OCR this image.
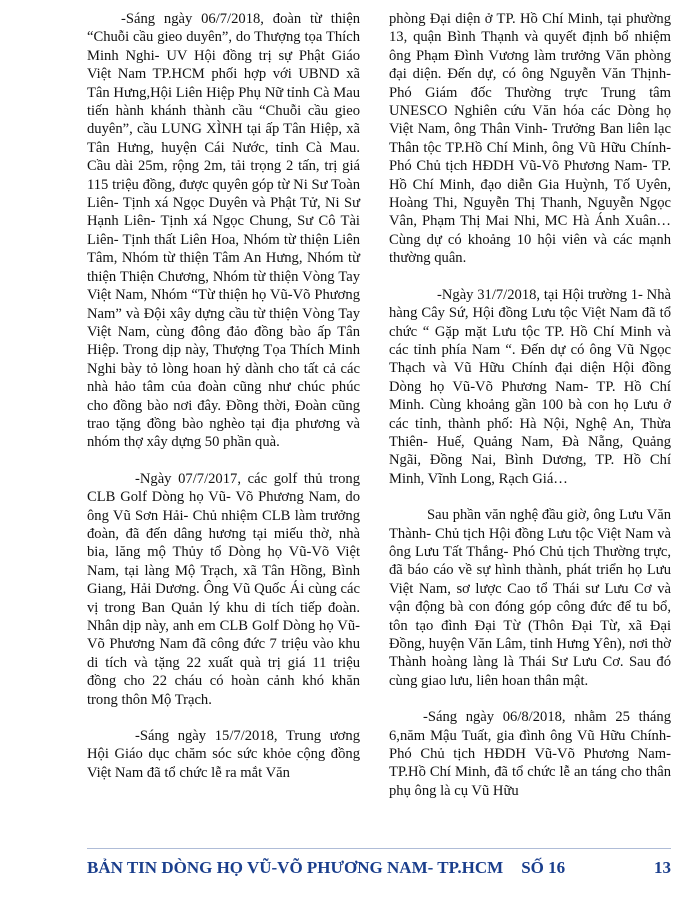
-Sáng ngày 06/7/2018, đoàn từ thiện “Chuỗi cầu gieo duyên”, do Thượng tọa Thích Minh Nghi- UV Hội đồng trị sự Phật Giáo Việt Nam TP.HCM phối hợp với UBND xã Tân Hưng,Hội Liên Hiệp Phụ Nữ tỉnh Cà Mau tiến hành khánh thành cầu “Chuỗi cầu gieo duyên”, cầu LUNG XÌNH tại ấp Tân Hiệp, xã Tân Hưng, huyện Cái Nước, tỉnh Cà Mau. Cầu dài 25m, rộng 2m, tải trọng 2 tấn, trị giá 115 triệu đồng, được quyên góp từ Ni Sư Toàn Liên- Tịnh xá Ngọc Duyên và Phật Tử, Ni Sư Hạnh Liên- Tịnh xá Ngọc Chung, Sư Cô Tài Liên- Tịnh thất Liên Hoa, Nhóm từ thiện Liên Tâm, Nhóm từ thiện Tâm An Hưng, Nhóm từ thiện Thiện Chương, Nhóm từ thiện Vòng Tay Việt Nam, Nhóm “Từ thiện họ Vũ-Võ Phương Nam” và Đội xây dựng cầu từ thiện Vòng Tay Việt Nam, cùng đông đảo đồng bào ấp Tân Hiệp. Trong dịp này, Thượng Tọa Thích Minh Nghi bày tỏ lòng hoan hỷ dành cho tất cả các nhà hảo tâm của đoàn cũng như chúc phúc cho đồng bào nơi đây. Đồng thời, Đoàn cũng trao tặng đồng bào nghèo tại địa phương và nhóm thợ xây dựng 50 phần quà.

-Ngày 07/7/2017, các golf thủ trong CLB Golf Dòng họ Vũ- Võ Phương Nam, do ông Vũ Sơn Hải- Chủ nhiệm CLB làm trưởng đoàn, đã đến dâng hương tại miếu thờ, nhà bia, lăng mộ Thủy tổ Dòng họ Vũ-Võ Việt Nam, tại làng Mộ Trạch, xã Tân Hồng, Bình Giang, Hải Dương. Ông Vũ Quốc Ái cùng các vị trong Ban Quản lý khu di tích tiếp đoàn. Nhân dịp này, anh em CLB Golf Dòng họ Vũ-Võ Phương Nam đã công đức 7 triệu vào khu di tích và tặng 22 xuất quà trị giá 11 triệu đồng cho 22 cháu có hoàn cảnh khó khăn trong thôn Mộ Trạch.

-Sáng ngày 15/7/2018, Trung ương Hội Giáo dục chăm sóc sức khỏe cộng đồng Việt Nam đã tổ chức lễ ra mắt Văn

phòng Đại diện ở TP. Hồ Chí Minh, tại phường 13, quận Bình Thạnh và quyết định bổ nhiệm ông Phạm Đình Vương làm trưởng Văn phòng đại diện. Đến dự, có ông Nguyễn Văn Thịnh- Phó Giám đốc Thường trực Trung tâm UNESCO Nghiên cứu Văn hóa các Dòng họ Việt Nam, ông Thân Vinh- Trưởng Ban liên lạc Thân tộc TP.Hồ Chí Minh, ông Vũ Hữu Chính- Phó Chủ tịch HĐDH Vũ-Võ Phương Nam- TP. Hồ Chí Minh, đạo diễn Gia Huỳnh, Tố Uyên, Hoàng Thi, Nguyễn Thị Thanh, Nguyễn Ngọc Vân, Phạm Thị Mai Nhi, MC Hà Ánh Xuân…Cùng dự có khoảng 10 hội viên và các mạnh thường quân.

-Ngày 31/7/2018, tại Hội trường 1- Nhà hàng Cây Sứ, Hội đồng Lưu tộc Việt Nam đã tổ chức “ Gặp mặt Lưu tộc TP. Hồ Chí Minh và các tỉnh phía Nam “. Đến dự có ông Vũ Ngọc Thạch và Vũ Hữu Chính đại diện Hội đồng Dòng họ Vũ-Võ Phương Nam- TP. Hồ Chí Minh. Cùng khoảng gần 100 bà con họ Lưu ở các tỉnh, thành phố: Hà Nội, Nghệ An, Thừa Thiên- Huế, Quảng Nam, Đà Nẵng, Quảng Ngãi, Đồng Nai, Bình Dương, TP. Hồ Chí Minh, Vĩnh Long, Rạch Giá…

Sau phần văn nghệ đầu giờ, ông Lưu Văn Thành- Chủ tịch Hội đồng Lưu tộc Việt Nam và ông Lưu Tất Thắng- Phó Chủ tịch Thường trực, đã báo cáo về sự hình thành, phát triển họ Lưu Việt Nam, sơ lược Cao tổ Thái sư Lưu Cơ và vận động bà con đóng góp công đức để tu bổ, tôn tạo đình Đại Từ (Thôn Đại Từ, xã Đại Đồng, huyện Văn Lâm, tỉnh Hưng Yên), nơi thờ Thành hoàng làng là Thái Sư Lưu Cơ. Sau đó cùng giao lưu, liên hoan thân mật.

-Sáng ngày 06/8/2018, nhằm 25 tháng 6,năm Mậu Tuất, gia đình ông Vũ Hữu Chính- Phó Chủ tịch HĐDH Vũ-Võ Phương Nam-TP.Hồ Chí Minh, đã tổ chức lễ an táng cho thân phụ ông là cụ Vũ Hữu

BẢN TIN DÒNG HỌ VŨ-VÕ PHƯƠNG NAM- TP.HCM SỐ 16	13
